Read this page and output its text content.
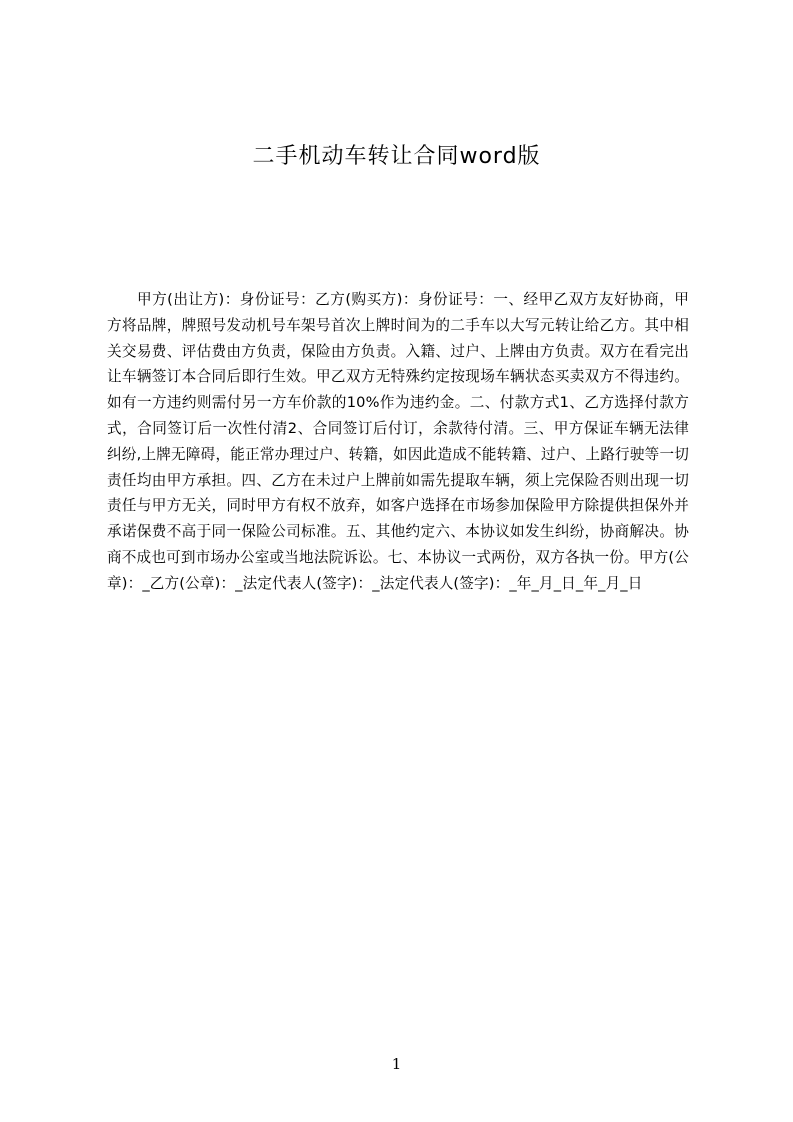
二手机动车转让合同word版

甲方(出让方)：身份证号：乙方(购买方)：身份证号：一、经甲乙双方友好协商，甲方将品牌，牌照号发动机号车架号首次上牌时间为的二手车以大写元转让给乙方。其中相关交易费、评估费由方负责，保险由方负责。入籍、过户、上牌由方负责。双方在看完出让车辆签订本合同后即行生效。甲乙双方无特殊约定按现场车辆状态买卖双方不得违约。如有一方违约则需付另一方车价款的10%作为违约金。二、付款方式1、乙方选择付款方式，合同签订后一次性付清2、合同签订后付订，余款待付清。三、甲方保证车辆无法律纠纷,上牌无障碍，能正常办理过户、转籍，如因此造成不能转籍、过户、上路行驶等一切责任均由甲方承担。四、乙方在未过户上牌前如需先提取车辆，须上完保险否则出现一切责任与甲方无关，同时甲方有权不放弃，如客户选择在市场参加保险甲方除提供担保外并承诺保费不高于同一保险公司标准。五、其他约定六、本协议如发生纠纷，协商解决。协商不成也可到市场办公室或当地法院诉讼。七、本协议一式两份，双方各执一份。甲方(公章)：_乙方(公章)：_法定代表人(签字)：_法定代表人(签字)：_年_月_日_年_月_日

1
